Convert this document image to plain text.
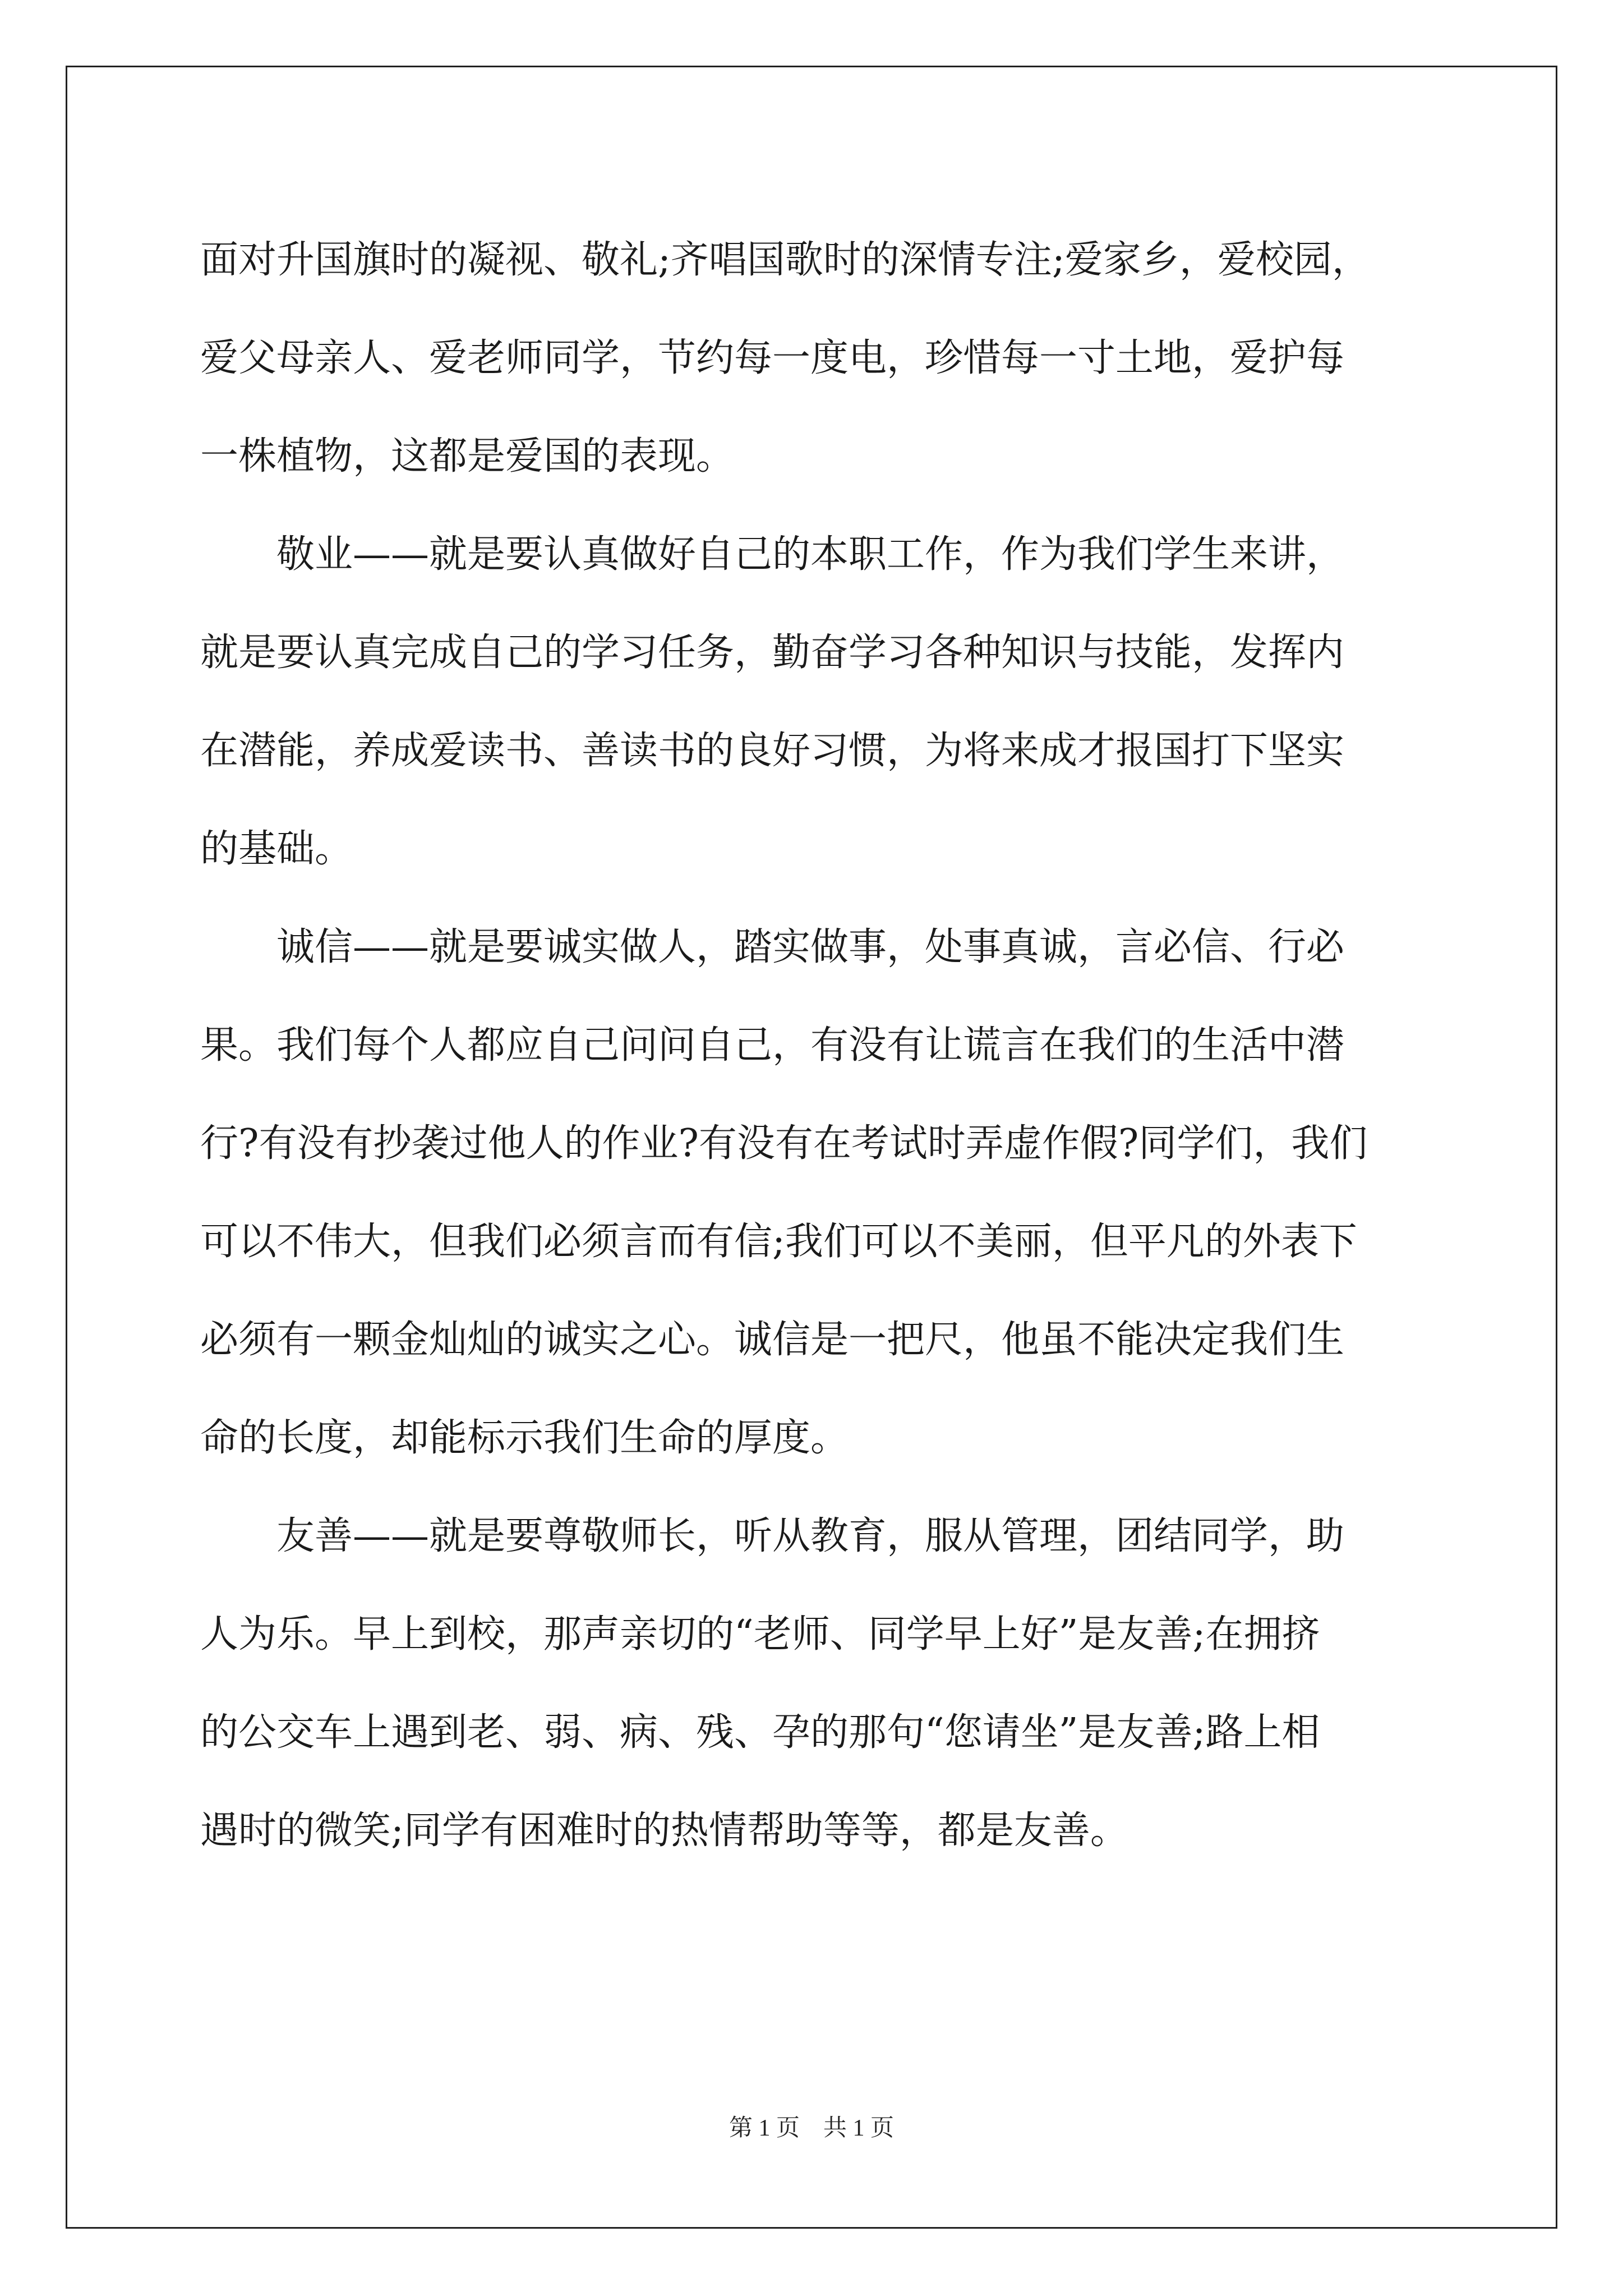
面对升国旗时的凝视、敬礼;齐唱国歌时的深情专注;爱家乡，爱校园，
爱父母亲人、爱老师同学，节约每一度电，珍惜每一寸土地，爱护每
一株植物，这都是爱国的表现。
　　敬业——就是要认真做好自己的本职工作，作为我们学生来讲，
就是要认真完成自己的学习任务，勤奋学习各种知识与技能，发挥内
在潜能，养成爱读书、善读书的良好习惯，为将来成才报国打下坚实
的基础。
　　诚信——就是要诚实做人，踏实做事，处事真诚，言必信、行必
果。我们每个人都应自己问问自己，有没有让谎言在我们的生活中潜
行?有没有抄袭过他人的作业?有没有在考试时弄虚作假?同学们，我们
可以不伟大，但我们必须言而有信;我们可以不美丽，但平凡的外表下
必须有一颗金灿灿的诚实之心。诚信是一把尺，他虽不能决定我们生
命的长度，却能标示我们生命的厚度。
　　友善——就是要尊敬师长，听从教育，服从管理，团结同学，助
人为乐。早上到校，那声亲切的“老师、同学早上好”是友善;在拥挤
的公交车上遇到老、弱、病、残、孕的那句“您请坐”是友善;路上相
遇时的微笑;同学有困难时的热情帮助等等，都是友善。
第 1 页　共 1 页
